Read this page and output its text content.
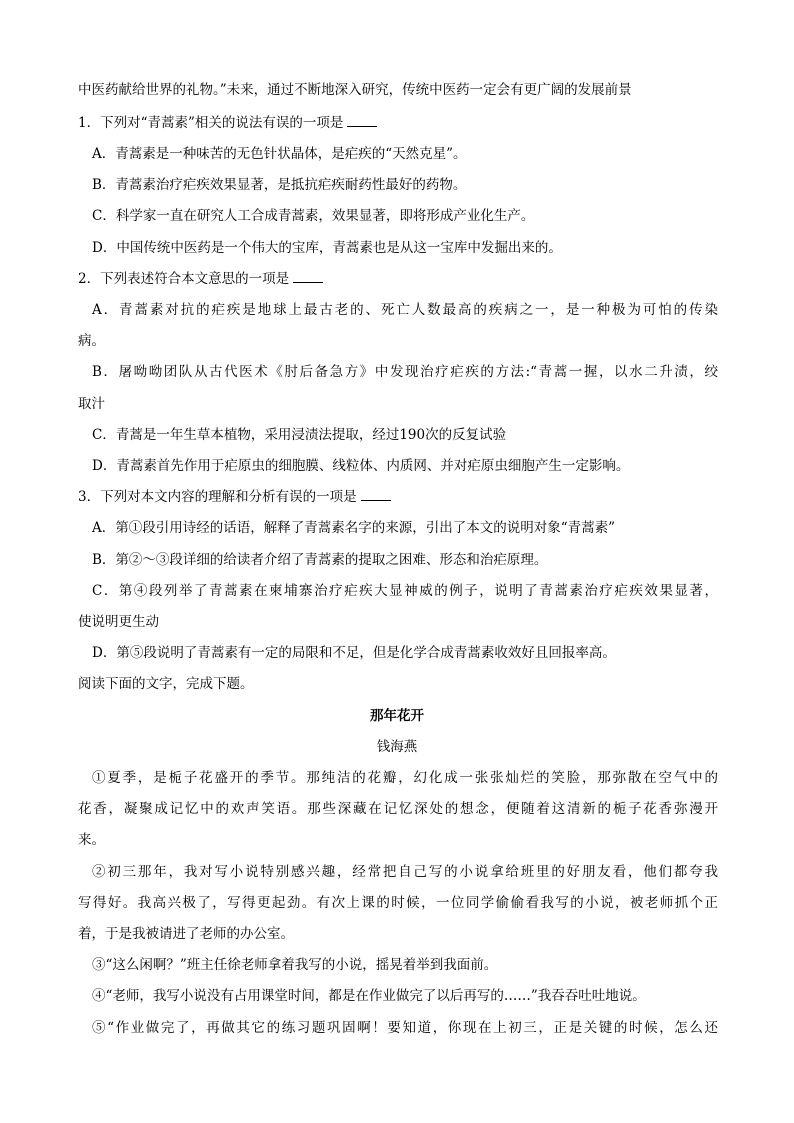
中医药献给世界的礼物。”未来，通过不断地深入研究，传统中医药一定会有更广阔的发展前景
1．下列对“青蒿素”相关的说法有误的一项是
A．青蒿素是一种味苦的无色针状晶体，是疟疾的“天然克星”。
B．青蒿素治疗疟疾效果显著，是抵抗疟疾耐药性最好的药物。
C．科学家一直在研究人工合成青蒿素，效果显著，即将形成产业化生产。
D．中国传统中医药是一个伟大的宝库，青蒿素也是从这一宝库中发掘出来的。
2．下列表述符合本文意思的一项是
A．青蒿素对抗的疟疾是地球上最古老的、死亡人数最高的疾病之一，是一种极为可怕的传染
病。
B．屠呦呦团队从古代医术《肘后备急方》中发现治疗疟疾的方法:“青蒿一握，以水二升渍，绞
取汁
C．青蒿是一年生草本植物，采用浸渍法提取，经过190次的反复试验
D．青蒿素首先作用于疟原虫的细胞膜、线粒体、内质网、并对疟原虫细胞产生一定影响。
3．下列对本文内容的理解和分析有误的一项是
A．第①段引用诗经的话语，解释了青蒿素名字的来源，引出了本文的说明对象“青蒿素”
B．第②～③段详细的给读者介绍了青蒿素的提取之困难、形态和治疟原理。
C．第④段列举了青蒿素在柬埔寨治疗疟疾大显神威的例子，说明了青蒿素治疗疟疾效果显著，
使说明更生动
D．第⑤段说明了青蒿素有一定的局限和不足，但是化学合成青蒿素收效好且回报率高。
阅读下面的文字，完成下题。
那年花开
钱海燕
①夏季，是栀子花盛开的季节。那纯洁的花瓣，幻化成一张张灿烂的笑脸，那弥散在空气中的
花香，凝聚成记忆中的欢声笑语。那些深藏在记忆深处的想念，便随着这清新的栀子花香弥漫开
来。
②初三那年，我对写小说特别感兴趣，经常把自己写的小说拿给班里的好朋友看，他们都夸我
写得好。我高兴极了，写得更起劲。有次上课的时候，一位同学偷偷看我写的小说，被老师抓个正
着，于是我被请进了老师的办公室。
③“这么闲啊？”班主任徐老师拿着我写的小说，摇晃着举到我面前。
④“老师，我写小说没有占用课堂时间，都是在作业做完了以后再写的……”我吞吞吐吐地说。
⑤“作业做完了，再做其它的练习题巩固啊！要知道，你现在上初三，正是关键的时候，怎么还
